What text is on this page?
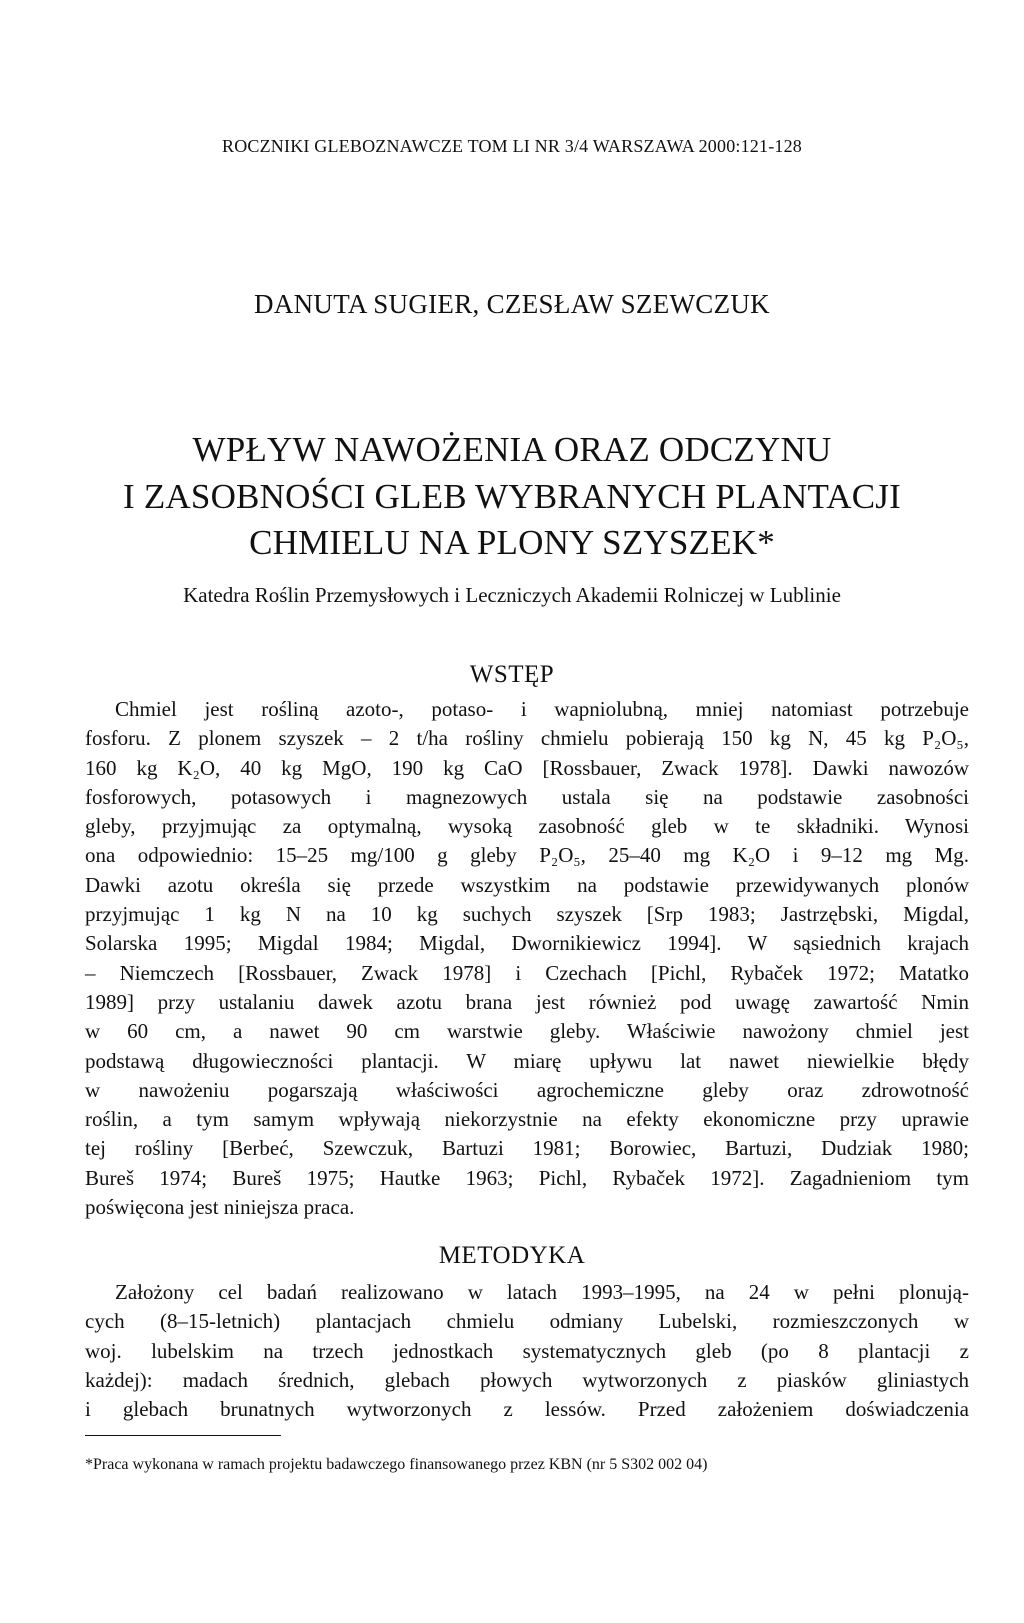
ROCZNIKI GLEBOZNAWCZE TOM LI NR 3/4 WARSZAWA 2000:121-128
DANUTA SUGIER, CZESŁAW SZEWCZUK
WPŁYW NAWOŻENIA ORAZ ODCZYNU
I ZASOBNOŚCI GLEB WYBRANYCH PLANTACJI
CHMIELU NA PLONY SZYSZEK*
Katedra Roślin Przemysłowych i Leczniczych Akademii Rolniczej w Lublinie
WSTĘP
Chmiel jest rośliną azoto-, potaso- i wapniolubną, mniej natomiast potrzebuje
fosforu. Z plonem szyszek – 2 t/ha rośliny chmielu pobierają 150 kg N, 45 kg P₂O₅,
160 kg K₂O, 40 kg MgO, 190 kg CaO [Rossbauer, Zwack 1978]. Dawki nawozów
fosforowych, potasowych i magnezowych ustala się na podstawie zasobności
gleby, przyjmując za optymalną, wysoką zasobność gleb w te składniki. Wynosi
ona odpowiednio: 15–25 mg/100 g gleby P₂O₅, 25–40 mg K₂O i 9–12 mg Mg.
Dawki azotu określa się przede wszystkim na podstawie przewidywanych plonów
przyjmując 1 kg N na 10 kg suchych szyszek [Srp 1983; Jastrzębski, Migdal,
Solarska 1995; Migdal 1984; Migdal, Dwornikiewicz 1994]. W sąsiednich krajach
– Niemczech [Rossbauer, Zwack 1978] i Czechach [Pichl, Rybaček 1972; Matatko
1989] przy ustalaniu dawek azotu brana jest również pod uwagę zawartość Nmin
w 60 cm, a nawet 90 cm warstwie gleby. Właściwie nawożony chmiel jest
podstawą długowieczności plantacji. W miarę upływu lat nawet niewielkie błędy
w nawożeniu pogarszają właściwości agrochemiczne gleby oraz zdrowotność
roślin, a tym samym wpływają niekorzystnie na efekty ekonomiczne przy uprawie
tej rośliny [Berbeć, Szewczuk, Bartuzi 1981; Borowiec, Bartuzi, Dudziak 1980;
Bureš 1974; Bureš 1975; Hautke 1963; Pichl, Rybaček 1972]. Zagadnieniom tym
poświęcona jest niniejsza praca.
METODYKA
Założony cel badań realizowano w latach 1993–1995, na 24 w pełni plonują-
cych (8–15-letnich) plantacjach chmielu odmiany Lubelski, rozmieszczonych w
woj. lubelskim na trzech jednostkach systematycznych gleb (po 8 plantacji z
każdej): madach średnich, glebach płowych wytworzonych z piasków gliniastych
i glebach brunatnych wytworzonych z lessów. Przed założeniem doświadczenia
*Praca wykonana w ramach projektu badawczego finansowanego przez KBN (nr 5 S302 002 04)
